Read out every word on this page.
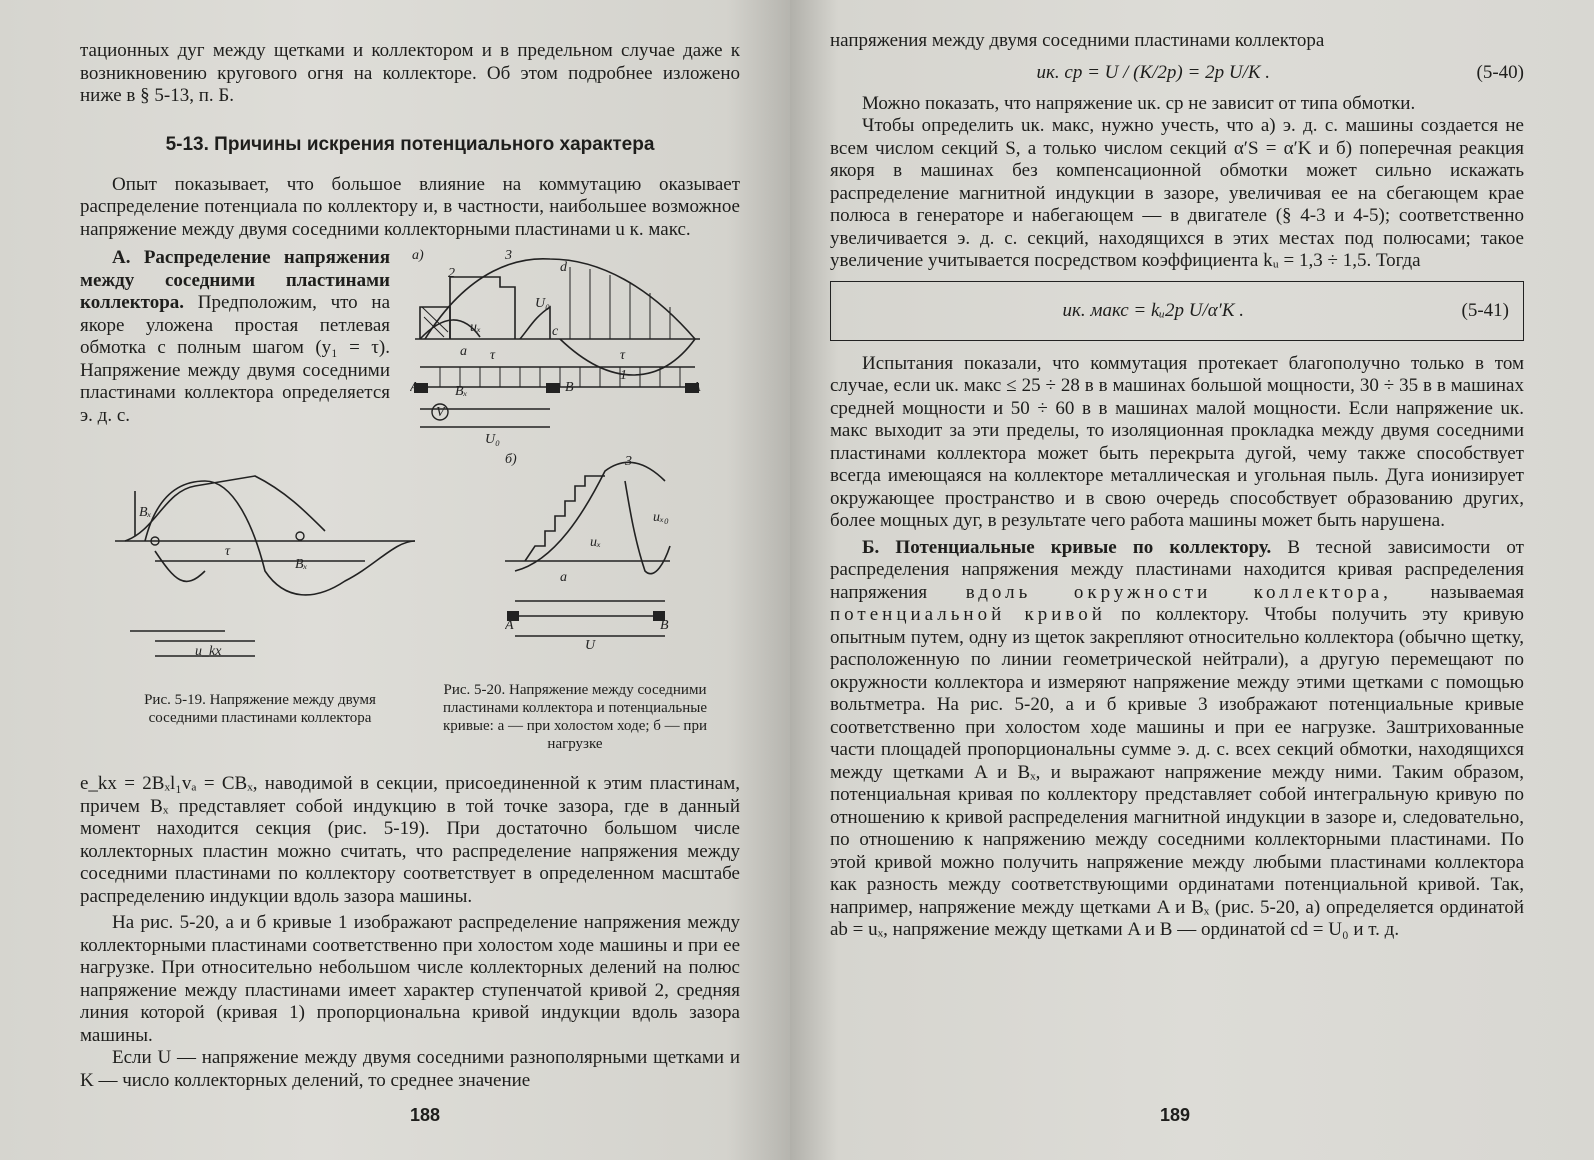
тационных дуг между щетками и коллектором и в предельном случае даже к возникновению кругового огня на коллекторе. Об этом подробнее изложено ниже в § 5-13, п. Б.

5-13. Причины искрения потенциального характера

Опыт показывает, что большое влияние на коммутацию оказывает распределение потенциала по коллектору и, в частности, наибольшее возможное напряжение между двумя соседними коллекторными пластинами u к. макс.

А. Распределение напряжения между соседними пластинами коллектора. Предположим, что на якоре уложена простая петлевая обмотка с полным шагом (y₁ = τ). Напряжение между двумя соседними пластинами коллектора определяется э. д. с.

а)
2
3
d
c
uₓ
U₀
a τ	τ
A	B	A
Bₓ
V
U₀
1
Bₓ
τ
Bₓ
u_kx
б)	3
uₓ₀
uₓ
a
A	B
U
Рис. 5-19. Напряжение между двумя соседними пластинами коллектора
Рис. 5-20. Напряжение между соседними пластинами коллектора и потенциальные кривые: а — при холостом ходе; б — при нагрузке

e_kx = 2Bₓl₁vₐ = CBₓ, наводимой в секции, присоединенной к этим пластинам, причем Bₓ представляет собой индукцию в той точке зазора, где в данный момент находится секция (рис. 5-19). При достаточно большом числе коллекторных пластин можно считать, что распределение напряжения между соседними пластинами по коллектору соответствует в определенном масштабе распределению индукции вдоль зазора машины.

На рис. 5-20, а и б кривые 1 изображают распределение напряжения между коллекторными пластинами соответственно при холостом ходе машины и при ее нагрузке. При относительно небольшом числе коллекторных делений на полюс напряжение между пластинами имеет характер ступенчатой кривой 2, средняя линия которой (кривая 1) пропорциональна кривой индукции вдоль зазора машины.

Если U — напряжение между двумя соседними разнополярными щетками и K — число коллекторных делений, то среднее значение

188

напряжения между двумя соседними пластинами коллектора

uк. ср = U / (K/2p) = 2p U/K .	(5-40)

Можно показать, что напряжение uк. ср не зависит от типа обмотки.

Чтобы определить uк. макс, нужно учесть, что а) э. д. с. машины создается не всем числом секций S, а только числом секций α′S = α′K и б) поперечная реакция якоря в машинах без компенсационной обмотки может сильно искажать распределение магнитной индукции в зазоре, увеличивая ее на сбегающем крае полюса в генераторе и набегающем — в двигателе (§ 4-3 и 4-5); соответственно увеличивается э. д. с. секций, находящихся в этих местах под полюсами; такое увеличение учитывается посредством коэффициента kᵤ = 1,3 ÷ 1,5. Тогда

uк. макс = kᵤ2p U/α′K .	(5-41)

Испытания показали, что коммутация протекает благополучно только в том случае, если uк. макс ≤ 25 ÷ 28 в в машинах большой мощности, 30 ÷ 35 в в машинах средней мощности и 50 ÷ 60 в в машинах малой мощности. Если напряжение uк. макс выходит за эти пределы, то изоляционная прокладка между двумя соседними пластинами коллектора может быть перекрыта дугой, чему также способствует всегда имеющаяся на коллекторе металлическая и угольная пыль. Дуга ионизирует окружающее пространство и в свою очередь способствует образованию других, более мощных дуг, в результате чего работа машины может быть нарушена.

Б. Потенциальные кривые по коллектору. В тесной зависимости от распределения напряжения между пластинами находится кривая распределения напряжения вдоль окружности коллектора, называемая потенциальной кривой по коллектору. Чтобы получить эту кривую опытным путем, одну из щеток закрепляют относительно коллектора (обычно щетку, расположенную по линии геометрической нейтрали), а другую перемещают по окружности коллектора и измеряют напряжение между этими щетками с помощью вольтметра. На рис. 5-20, а и б кривые 3 изображают потенциальные кривые соответственно при холостом ходе машины и при ее нагрузке. Заштрихованные части площадей пропорциональны сумме э. д. с. всех секций обмотки, находящихся между щетками A и Bₓ, и выражают напряжение между ними. Таким образом, потенциальная кривая по коллектору представляет собой интегральную кривую по отношению к кривой распределения магнитной индукции в зазоре и, следовательно, по отношению к напряжению между соседними коллекторными пластинами. По этой кривой можно получить напряжение между любыми пластинами коллектора как разность между соответствующими ординатами потенциальной кривой. Так, например, напряжение между щетками A и Bₓ (рис. 5-20, а) определяется ординатой ab = uₓ, напряжение между щетками A и B — ординатой cd = U₀ и т. д.

189
